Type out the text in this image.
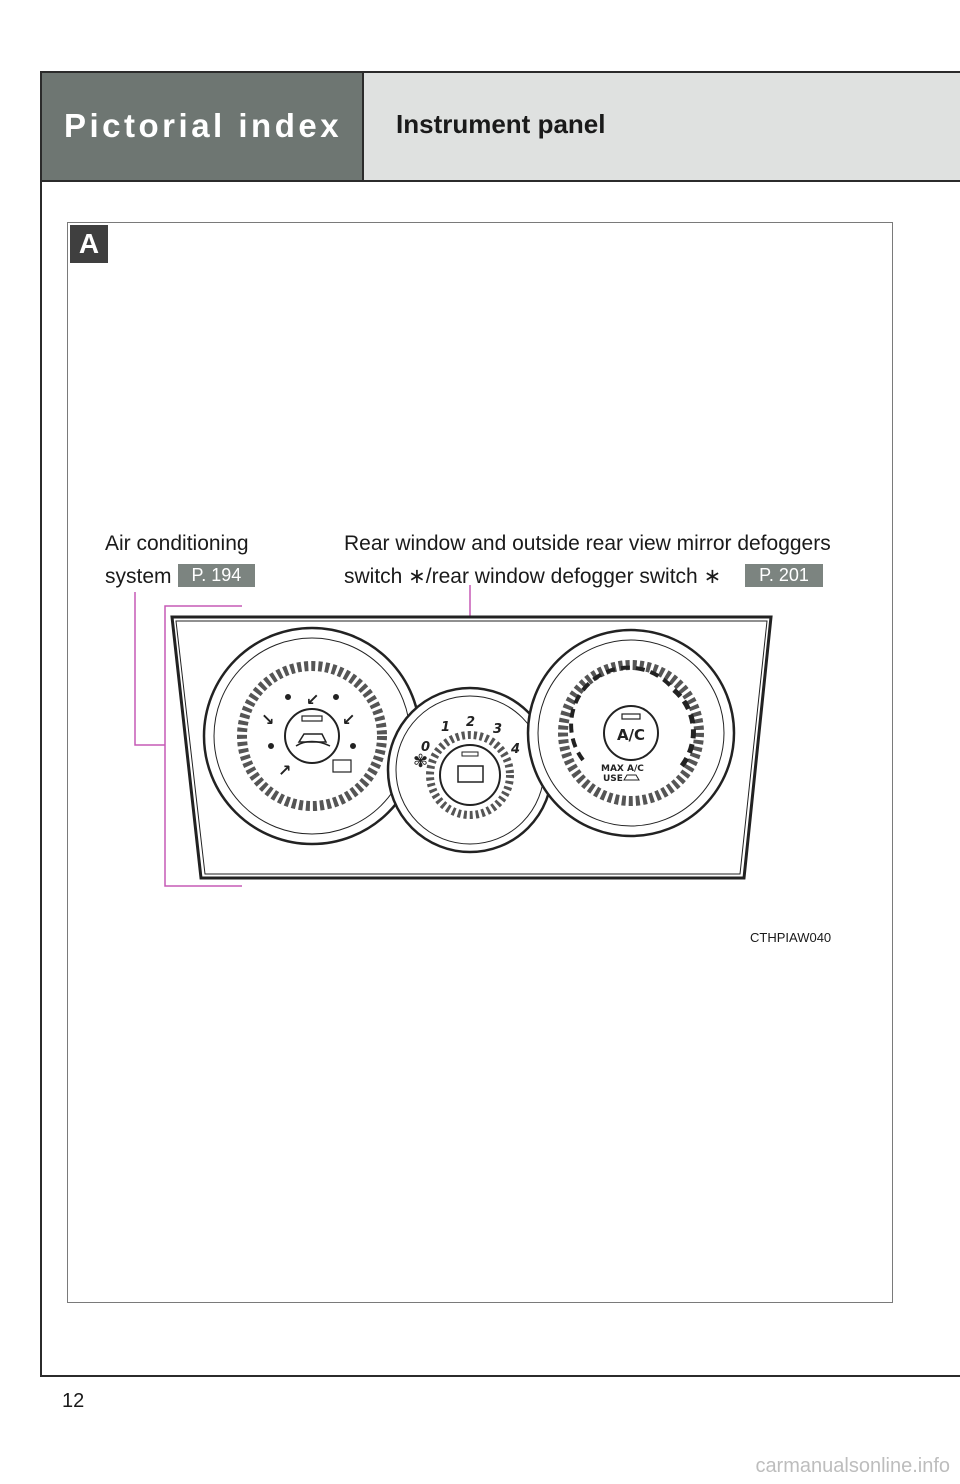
Pictorial index Instrument panel
A
Air conditioning
system P. 194
Rear window and outside rear view mirror defoggers
switch ∗/rear window defogger switch ∗ P. 201
↙
↘
↗
↙
✾
0
1 2 3
4
A/C
MAX A/C
USE
CTHPIAW040
12
carmanualsonline.info
